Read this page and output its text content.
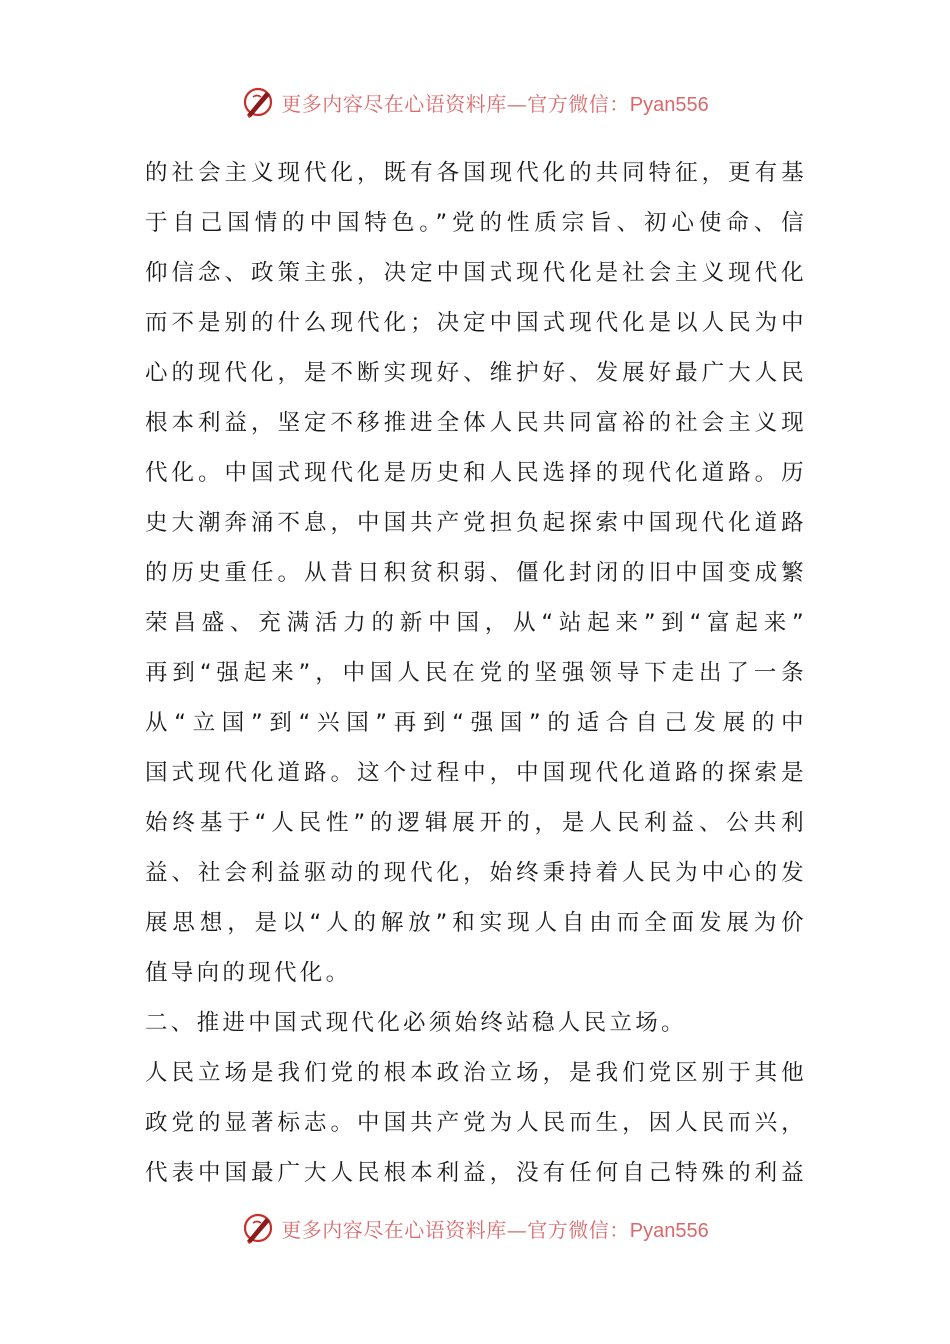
更多内容尽在心语资料库—官方微信：Pyan556
的社会主义现代化，既有各国现代化的共同特征，更有基
于自己国情的中国特色。”党的性质宗旨、初心使命、信
仰信念、政策主张，决定中国式现代化是社会主义现代化
而不是别的什么现代化；决定中国式现代化是以人民为中
心的现代化，是不断实现好、维护好、发展好最广大人民
根本利益，坚定不移推进全体人民共同富裕的社会主义现
代化。中国式现代化是历史和人民选择的现代化道路。历
史大潮奔涌不息，中国共产党担负起探索中国现代化道路
的历史重任。从昔日积贫积弱、僵化封闭的旧中国变成繁
荣昌盛、充满活力的新中国，从“站起来”到“富起来”
再到“强起来”，中国人民在党的坚强领导下走出了一条
从“立国”到“兴国”再到“强国”的适合自己发展的中
国式现代化道路。这个过程中，中国现代化道路的探索是
始终基于“人民性”的逻辑展开的，是人民利益、公共利
益、社会利益驱动的现代化，始终秉持着人民为中心的发
展思想，是以“人的解放”和实现人自由而全面发展为价
值导向的现代化。
二、推进中国式现代化必须始终站稳人民立场。
人民立场是我们党的根本政治立场，是我们党区别于其他
政党的显著标志。中国共产党为人民而生，因人民而兴，
代表中国最广大人民根本利益，没有任何自己特殊的利益
更多内容尽在心语资料库—官方微信：Pyan556
